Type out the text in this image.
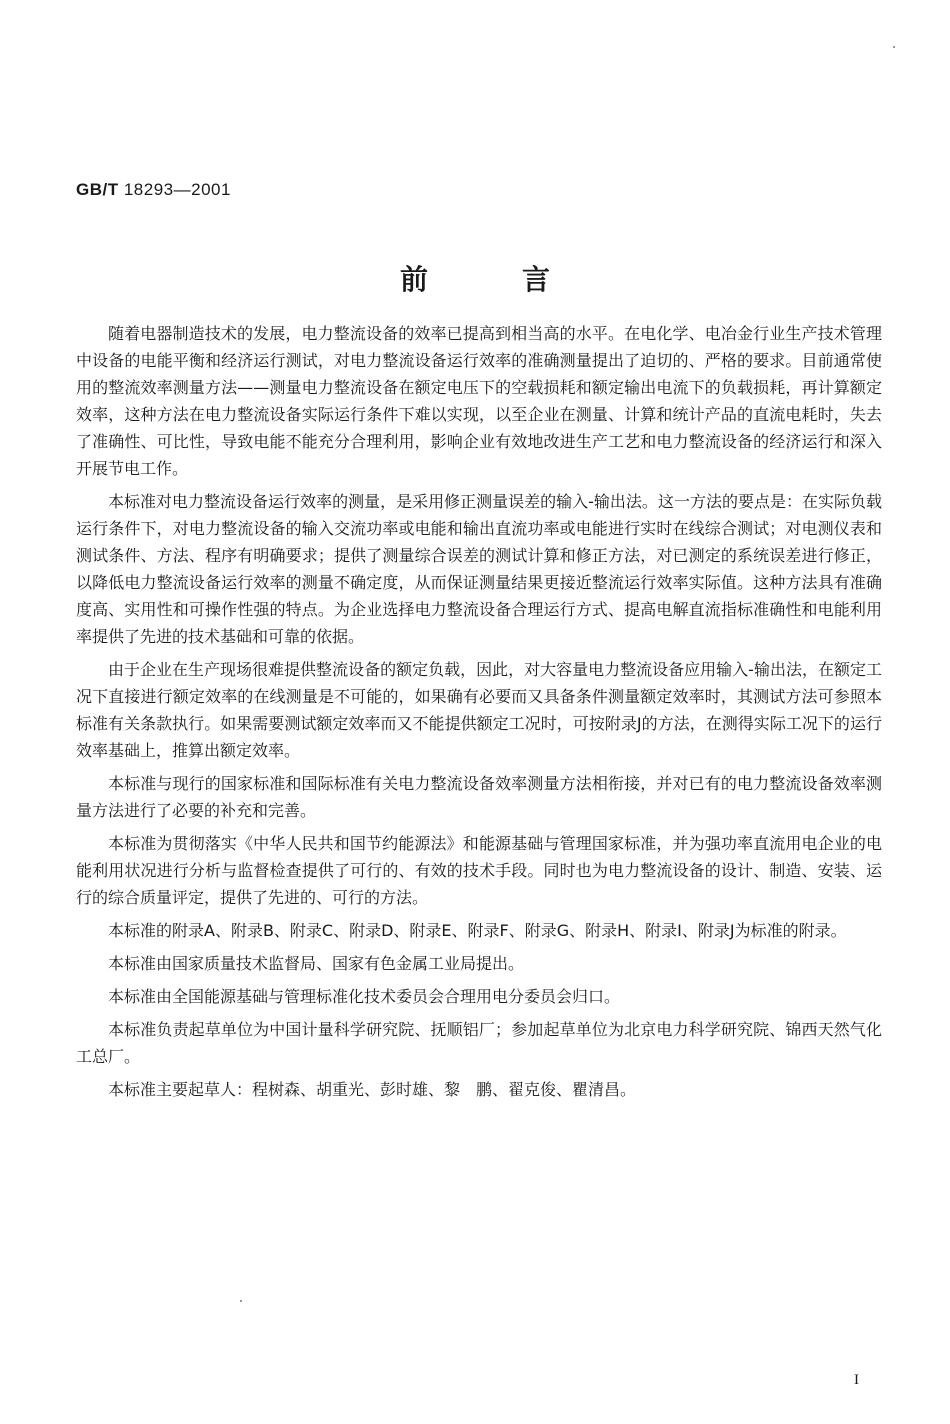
GB/T 18293—2001
前言

随着电器制造技术的发展，电力整流设备的效率已提高到相当高的水平。在电化学、电冶金行业生产技术管理中设备的电能平衡和经济运行测试，对电力整流设备运行效率的准确测量提出了迫切的、严格的要求。目前通常使用的整流效率测量方法——测量电力整流设备在额定电压下的空载损耗和额定输出电流下的负载损耗，再计算额定效率，这种方法在电力整流设备实际运行条件下难以实现，以至企业在测量、计算和统计产品的直流电耗时，失去了准确性、可比性，导致电能不能充分合理利用，影响企业有效地改进生产工艺和电力整流设备的经济运行和深入开展节电工作。

本标准对电力整流设备运行效率的测量，是采用修正测量误差的输入-输出法。这一方法的要点是：在实际负载运行条件下，对电力整流设备的输入交流功率或电能和输出直流功率或电能进行实时在线综合测试；对电测仪表和测试条件、方法、程序有明确要求；提供了测量综合误差的测试计算和修正方法，对已测定的系统误差进行修正，以降低电力整流设备运行效率的测量不确定度，从而保证测量结果更接近整流运行效率实际值。这种方法具有准确度高、实用性和可操作性强的特点。为企业选择电力整流设备合理运行方式、提高电解直流指标准确性和电能利用率提供了先进的技术基础和可靠的依据。

由于企业在生产现场很难提供整流设备的额定负载，因此，对大容量电力整流设备应用输入-输出法，在额定工况下直接进行额定效率的在线测量是不可能的，如果确有必要而又具备条件测量额定效率时，其测试方法可参照本标准有关条款执行。如果需要测试额定效率而又不能提供额定工况时，可按附录J的方法，在测得实际工况下的运行效率基础上，推算出额定效率。

本标准与现行的国家标准和国际标准有关电力整流设备效率测量方法相衔接，并对已有的电力整流设备效率测量方法进行了必要的补充和完善。

本标准为贯彻落实《中华人民共和国节约能源法》和能源基础与管理国家标准，并为强功率直流用电企业的电能利用状况进行分析与监督检查提供了可行的、有效的技术手段。同时也为电力整流设备的设计、制造、安装、运行的综合质量评定，提供了先进的、可行的方法。

本标准的附录A、附录B、附录C、附录D、附录E、附录F、附录G、附录H、附录I、附录J为标准的附录。

本标准由国家质量技术监督局、国家有色金属工业局提出。

本标准由全国能源基础与管理标准化技术委员会合理用电分委员会归口。

本标准负责起草单位为中国计量科学研究院、抚顺铝厂；参加起草单位为北京电力科学研究院、锦西天然气化工总厂。

本标准主要起草人：程树森、胡重光、彭时雄、黎　鹏、翟克俊、瞿清昌。

I
